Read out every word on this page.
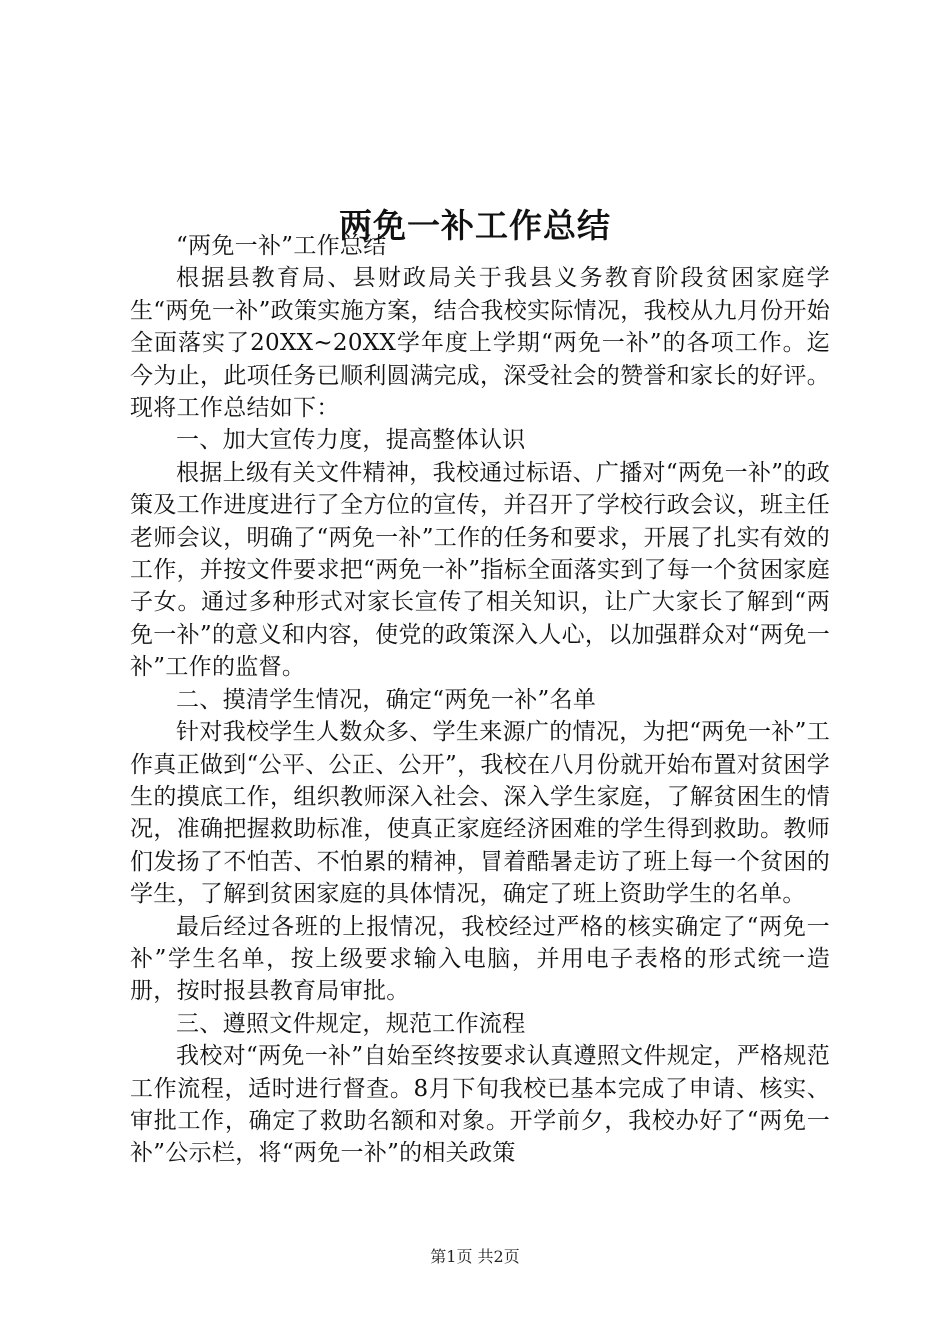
两免一补工作总结

“两免一补”工作总结

根据县教育局、县财政局关于我县义务教育阶段贫困家庭学生“两免一补”政策实施方案，结合我校实际情况，我校从九月份开始全面落实了20XX~20XX学年度上学期“两免一补”的各项工作。迄今为止，此项任务已顺利圆满完成，深受社会的赞誉和家长的好评。现将工作总结如下：

一、加大宣传力度，提高整体认识

根据上级有关文件精神，我校通过标语、广播对“两免一补”的政策及工作进度进行了全方位的宣传，并召开了学校行政会议，班主任老师会议，明确了“两免一补”工作的任务和要求，开展了扎实有效的工作，并按文件要求把“两免一补”指标全面落实到了每一个贫困家庭子女。通过多种形式对家长宣传了相关知识，让广大家长了解到“两免一补”的意义和内容，使党的政策深入人心，以加强群众对“两免一补”工作的监督。

二、摸清学生情况，确定“两免一补”名单

针对我校学生人数众多、学生来源广的情况，为把“两免一补”工作真正做到“公平、公正、公开”，我校在八月份就开始布置对贫困学生的摸底工作，组织教师深入社会、深入学生家庭，了解贫困生的情况，准确把握救助标准，使真正家庭经济困难的学生得到救助。教师们发扬了不怕苦、不怕累的精神，冒着酷暑走访了班上每一个贫困的学生，了解到贫困家庭的具体情况，确定了班上资助学生的名单。

最后经过各班的上报情况，我校经过严格的核实确定了“两免一补”学生名单，按上级要求输入电脑，并用电子表格的形式统一造册，按时报县教育局审批。

三、遵照文件规定，规范工作流程

我校对“两免一补”自始至终按要求认真遵照文件规定，严格规范工作流程，适时进行督查。8月下旬我校已基本完成了申请、核实、审批工作，确定了救助名额和对象。开学前夕，我校办好了“两免一补”公示栏，将“两免一补”的相关政策

第1页 共2页
